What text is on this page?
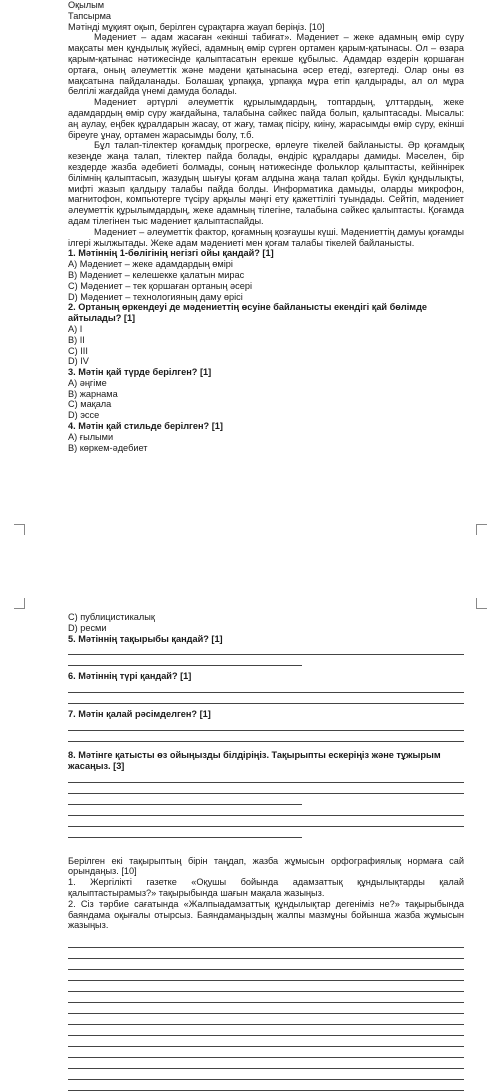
Оқылым

Тапсырма

Мәтінді мұқият оқып, берілген сұрақтарға жауап беріңіз. [10]

Мәдениет – адам жасаған «екінші табиғат». Мәдениет – жеке адамның өмір сүру мақсаты мен құндылық жүйесі, адамның өмір сүрген ортамен қарым-қатынасы. Ол – өзара қарым-қатынас нәтижесінде қалыптасатын ерекше құбылыс. Адамдар өздерін қоршаған ортаға, оның әлеуметтік және мәдени қатынасына әсер етеді, өзгертеді. Олар оны өз мақсатына пайдаланады. Болашақ ұрпаққа, ұрпаққа мұра етіп қалдырады, ал ол мұра белгілі жағдайда үнемі дамуда болады.

Мәдениет әртүрлі әлеуметтік құрылымдардың, топтардың, ұлттардың, жеке адамдардың өмір сүру жағдайына, талабына сәйкес пайда болып, қалыптасады. Мысалы: аң аулау, еңбек құралдарын жасау, от жағу, тамақ пісіру, киіну, жарасымды өмір сүру, екінші біреуге ұнау, ортамен жарасымды болу, т.б.

Бұл талап-тілектер қоғамдық прогреске, өрлеуге тікелей байланысты. Әр қоғамдық кезеңде жаңа талап, тілектер пайда болады, өндіріс құралдары дамиды. Мәселен, бір кездерде жазба әдебиеті болмады, соның нәтижесінде фольклор қалыптасты, кейіннірек білімнің қалыптасып, жазудың шығуы қоғам алдына жаңа талап қойды. Бүкіл құндылықты, мифті жазып қалдыру талабы пайда болды. Информатика дамыды, оларды микрофон, магнитофон, компьютерге түсіру арқылы мәңгі ету қажеттілігі туындады. Сейтіп, мәдениет әлеуметтік құрылымдардың, жеке адамның тілегіне, талабына сәйкес қалыптасты. Қоғамда адам тілегінен тыс мәдениет қалыптаспайды.

Мәдениет – әлеуметтік фактор, қоғамның қозғаушы күші. Мәдениеттің дамуы қоғамды ілгері жылжытады. Жеке адам мәдениеті мен қоғам талабы тікелей байланысты.

1. Мәтіннің 1-бөлігінің негізгі ойы қандай? [1]

A) Мәдениет – жеке адамдардың өмірі

B) Мәдениет – келешекке қалатын мирас

C) Мәдениет – тек қоршаған ортаның әсері

D) Мәдениет – технологияның даму өрісі

2. Ортаның өркендеуі де мәдениеттің өсуіне байланысты екендігі қай бөлімде айтылады? [1]

A) I

B) II

C) III

D) IV

3. Мәтін қай түрде берілген? [1]

A) әңгіме

B) жарнама

C) мақала

D) эссе

4. Мәтін қай стильде берілген? [1]

A) ғылыми

B) көркем-әдебиет

C) публицистикалық

D) ресми

5. Мәтіннің тақырыбы қандай? [1]

6. Мәтіннің түрі қандай? [1]

7. Мәтін қалай рәсімделген? [1]

8. Мәтінге қатысты өз ойыңызды білдіріңіз. Тақырыпты ескеріңіз және тұжырым жасаңыз. [3]

Берілген екі тақырыптың бірін таңдап, жазба жұмысын орфографиялық нормаға сай орындаңыз. [10]

1. Жергілікті газетке «Оқушы бойында адамзаттық құндылықтарды қалай қалыптастырамыз?» тақырыбында шағын мақала жазыңыз.

2. Сіз тәрбие сағатында «Жалпыадамзаттық құндылықтар дегеніміз не?» тақырыбында баяндама оқығалы отырсыз. Баяндамаңыздың жалпы мазмұны бойынша жазба жұмысын жазыңыз.
